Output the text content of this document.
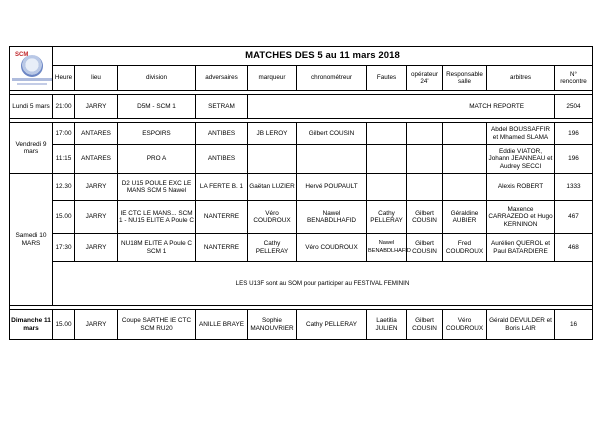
SCM	MATCHES DES 5 au 11 mars 2018										
	Heure	lieu	division	adversaires	marqueur	chronométreur	Fautes	opérateur 24'	Responsable salle	arbitres	N° rencontre

Lundi 5 mars	21:00	JARRY	D5M - SCM 1	SETRAM	MATCH REPORTE						2504

Vendredi 9 mars	17:00	ANTARES	ESPOIRS	ANTIBES	JB LEROY	Gilbert COUSIN				Abdel BOUSSAFFIR et Mhamed SLAMA	196
	11:15	ANTARES	PRO A	ANTIBES						Eddie VIATOR, Johann JEANNEAU et Audrey SECCI	196
Samedi 10 MARS	12.30	JARRY	D2 U15 POULE EXC LE MANS SCM 5 Nawel	LA FERTE B. 1	Gaëtan LUZIER	Hervé POUPAULT				Alexis ROBERT	1333
	15.00	JARRY	IE CTC LE MANS... SCM 1 - NU15 ELITE A Poule C	NANTERRE	Véro COUDROUX	Nawel BENABDLHAFID	Cathy PELLERAY	Gilbert COUSIN	Géraldine AUBIER	Maxence CARRAZEDO et Hugo KERNINON	467
	17:30	JARRY	NU18M ELITE A Poule C SCM 1	NANTERRE	Cathy PELLERAY	Véro COUDROUX	Nawel BENABDLHAFID	Gilbert COUSIN	Fred COUDROUX	Aurélien QUEROL et Paul BATARDIERE	468
	LES U13F sont au SOM pour participer au FESTIVAL FEMININ										

Dimanche 11 mars	15.00	JARRY	Coupe SARTHE IE CTC SCM RU20	ANILLE BRAYE	Sophie MANOUVRIER	Cathy PELLERAY	Laetitia JULIEN	Gilbert COUSIN	Véro COUDROUX	Gérald DEVULDER et Boris LAIR	16
